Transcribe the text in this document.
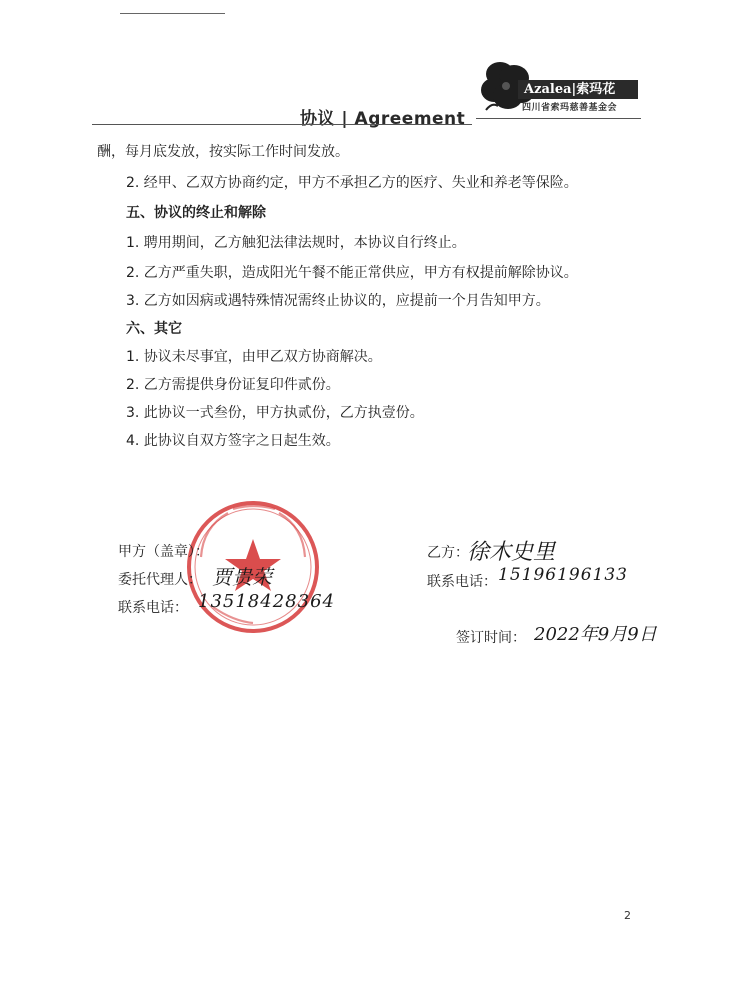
协议 | Agreement
Azalea|索玛花
四川省索玛慈善基金会
酬，每月底发放，按实际工作时间发放。
2. 经甲、乙双方协商约定，甲方不承担乙方的医疗、失业和养老等保险。
五、协议的终止和解除
1. 聘用期间，乙方触犯法律法规时，本协议自行终止。
2. 乙方严重失职，造成阳光午餐不能正常供应，甲方有权提前解除协议。
3. 乙方如因病或遇特殊情况需终止协议的，应提前一个月告知甲方。
六、其它
1. 协议未尽事宜，由甲乙双方协商解决。
2. 乙方需提供身份证复印件贰份。
3. 此协议一式叁份，甲方执贰份，乙方执壹份。
4. 此协议自双方签字之日起生效。
甲方（盖章）：
委托代理人： 贾贵荣
联系电话： 13518428364
乙方：
徐木史里
联系电话： 15196196133
签订时间： 2022年9月9日
2
